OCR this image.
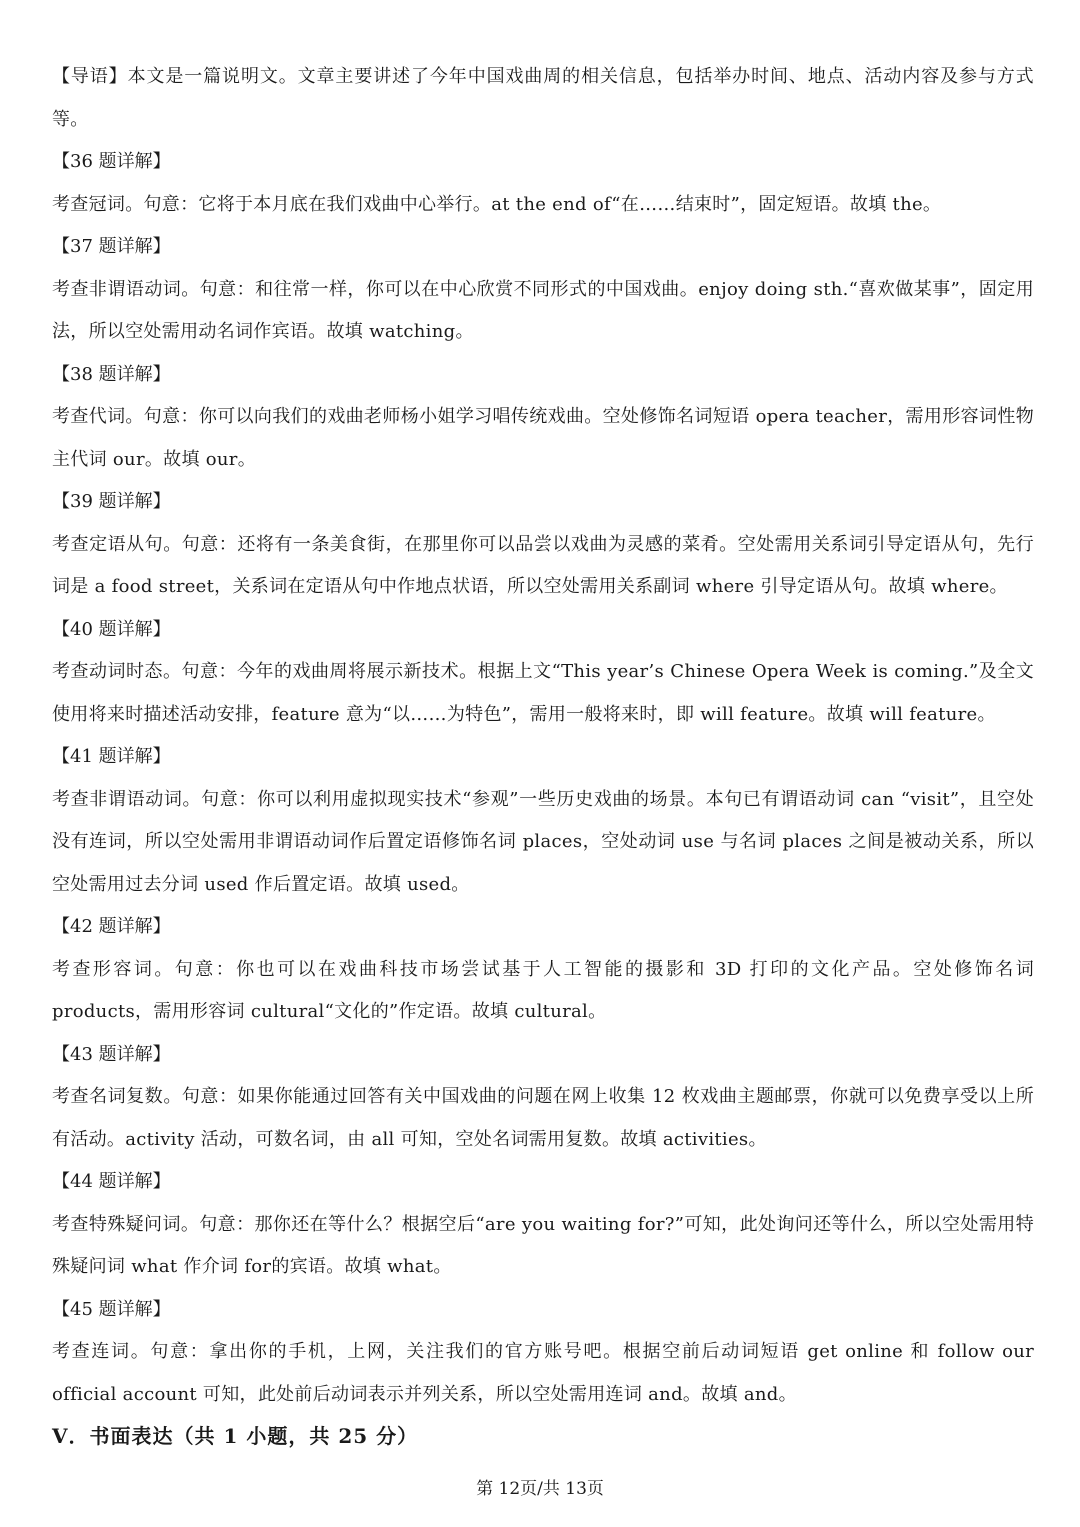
【导语】本文是一篇说明文。文章主要讲述了今年中国戏曲周的相关信息，包括举办时间、地点、活动内容及参与方式等。

【36 题详解】

考查冠词。句意：它将于本月底在我们戏曲中心举行。at the end of“在……结束时”，固定短语。故填 the。

【37 题详解】

考查非谓语动词。句意：和往常一样，你可以在中心欣赏不同形式的中国戏曲。enjoy doing sth.“喜欢做某事”，固定用法，所以空处需用动名词作宾语。故填 watching。

【38 题详解】

考查代词。句意：你可以向我们的戏曲老师杨小姐学习唱传统戏曲。空处修饰名词短语 opera teacher，需用形容词性物主代词 our。故填 our。

【39 题详解】

考查定语从句。句意：还将有一条美食街，在那里你可以品尝以戏曲为灵感的菜肴。空处需用关系词引导定语从句，先行词是 a food street，关系词在定语从句中作地点状语，所以空处需用关系副词 where 引导定语从句。故填 where。

【40 题详解】

考查动词时态。句意：今年的戏曲周将展示新技术。根据上文“This year’s Chinese Opera Week is coming.”及全文使用将来时描述活动安排，feature 意为“以……为特色”，需用一般将来时，即 will feature。故填 will feature。

【41 题详解】

考查非谓语动词。句意：你可以利用虚拟现实技术“参观”一些历史戏曲的场景。本句已有谓语动词 can “visit”，且空处没有连词，所以空处需用非谓语动词作后置定语修饰名词 places，空处动词 use 与名词 places 之间是被动关系，所以空处需用过去分词 used 作后置定语。故填 used。

【42 题详解】

考查形容词。句意：你也可以在戏曲科技市场尝试基于人工智能的摄影和 3D 打印的文化产品。空处修饰名词 products，需用形容词 cultural“文化的”作定语。故填 cultural。

【43 题详解】

考查名词复数。句意：如果你能通过回答有关中国戏曲的问题在网上收集 12 枚戏曲主题邮票，你就可以免费享受以上所有活动。activity 活动，可数名词，由 all 可知，空处名词需用复数。故填 activities。

【44 题详解】

考查特殊疑问词。句意：那你还在等什么？根据空后“are you waiting for?”可知，此处询问还等什么，所以空处需用特殊疑问词 what 作介词 for的宾语。故填 what。

【45 题详解】

考查连词。句意：拿出你的手机，上网，关注我们的官方账号吧。根据空前后动词短语 get online 和 follow our official account 可知，此处前后动词表示并列关系，所以空处需用连词 and。故填 and。

V．书面表达（共 1 小题，共 25 分）
第 12页/共 13页
